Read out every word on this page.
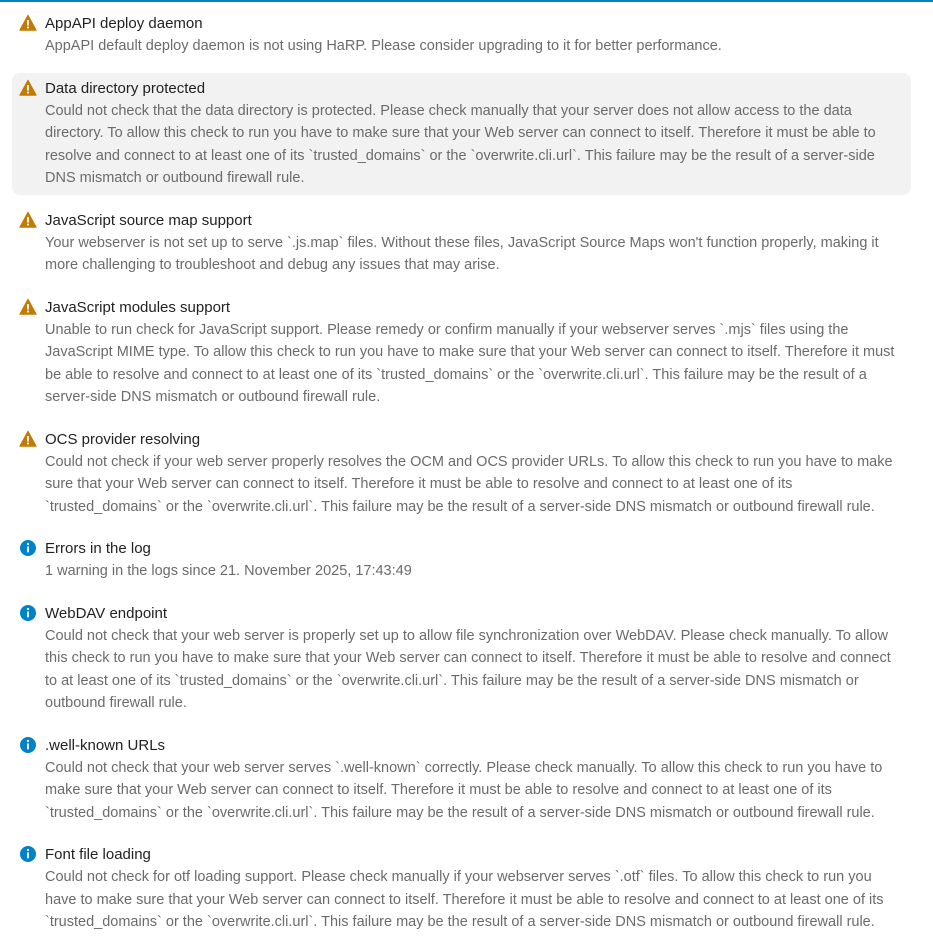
AppAPI deploy daemon
AppAPI default deploy daemon is not using HaRP. Please consider upgrading to it for better performance.
Data directory protected
Could not check that the data directory is protected. Please check manually that your server does not allow access to the data directory. To allow this check to run you have to make sure that your Web server can connect to itself. Therefore it must be able to resolve and connect to at least one of its `trusted_domains` or the `overwrite.cli.url`. This failure may be the result of a server-side DNS mismatch or outbound firewall rule.
JavaScript source map support
Your webserver is not set up to serve `.js.map` files. Without these files, JavaScript Source Maps won't function properly, making it more challenging to troubleshoot and debug any issues that may arise.
JavaScript modules support
Unable to run check for JavaScript support. Please remedy or confirm manually if your webserver serves `.mjs` files using the JavaScript MIME type. To allow this check to run you have to make sure that your Web server can connect to itself. Therefore it must be able to resolve and connect to at least one of its `trusted_domains` or the `overwrite.cli.url`. This failure may be the result of a server-side DNS mismatch or outbound firewall rule.
OCS provider resolving
Could not check if your web server properly resolves the OCM and OCS provider URLs. To allow this check to run you have to make sure that your Web server can connect to itself. Therefore it must be able to resolve and connect to at least one of its `trusted_domains` or the `overwrite.cli.url`. This failure may be the result of a server-side DNS mismatch or outbound firewall rule.
Errors in the log
1 warning in the logs since 21. November 2025, 17:43:49
WebDAV endpoint
Could not check that your web server is properly set up to allow file synchronization over WebDAV. Please check manually. To allow this check to run you have to make sure that your Web server can connect to itself. Therefore it must be able to resolve and connect to at least one of its `trusted_domains` or the `overwrite.cli.url`. This failure may be the result of a server-side DNS mismatch or outbound firewall rule.
.well-known URLs
Could not check that your web server serves `.well-known` correctly. Please check manually. To allow this check to run you have to make sure that your Web server can connect to itself. Therefore it must be able to resolve and connect to at least one of its `trusted_domains` or the `overwrite.cli.url`. This failure may be the result of a server-side DNS mismatch or outbound firewall rule.
Font file loading
Could not check for otf loading support. Please check manually if your webserver serves `.otf` files. To allow this check to run you have to make sure that your Web server can connect to itself. Therefore it must be able to resolve and connect to at least one of its `trusted_domains` or the `overwrite.cli.url`. This failure may be the result of a server-side DNS mismatch or outbound firewall rule.
